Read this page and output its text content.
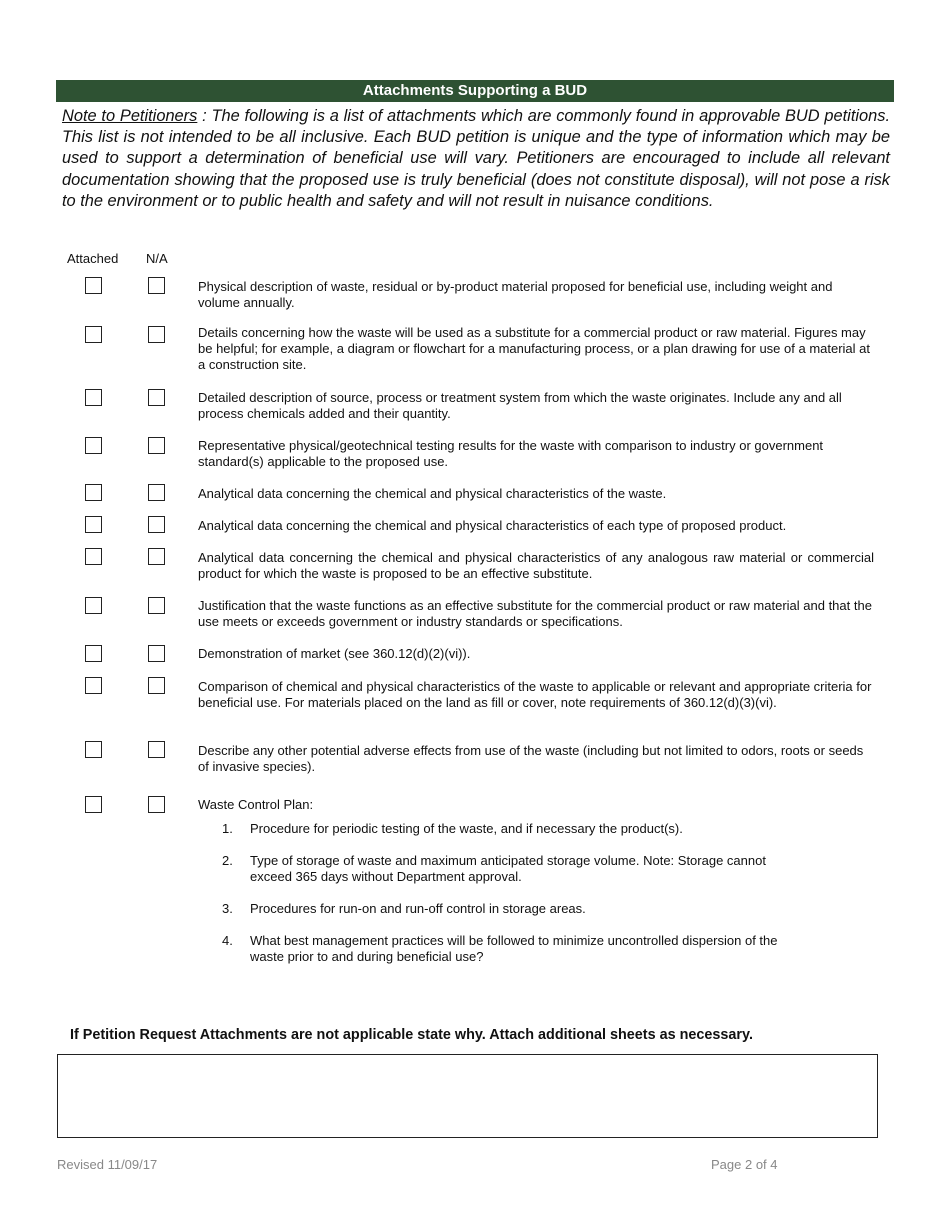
Attachments Supporting a BUD
Note to Petitioners : The following is a list of attachments which are commonly found in approvable BUD petitions. This list is not intended to be all inclusive. Each BUD petition is unique and the type of information which may be used to support a determination of beneficial use will vary. Petitioners are encouraged to include all relevant documentation showing that the proposed use is truly beneficial (does not constitute disposal), will not pose a risk to the environment or to public health and safety and will not result in nuisance conditions.
Attached N/A
Physical description of waste, residual or by-product material proposed for beneficial use, including weight and volume annually.
Details concerning how the waste will be used as a substitute for a commercial product or raw material. Figures may be helpful; for example, a diagram or flowchart for a manufacturing process, or a plan drawing for use of a material at a construction site.
Detailed description of source, process or treatment system from which the waste originates. Include any and all process chemicals added and their quantity.
Representative physical/geotechnical testing results for the waste with comparison to industry or government standard(s) applicable to the proposed use.
Analytical data concerning the chemical and physical characteristics of the waste.
Analytical data concerning the chemical and physical characteristics of each type of proposed product.
Analytical data concerning the chemical and physical characteristics of any analogous raw material or commercial product for which the waste is proposed to be an effective substitute.
Justification that the waste functions as an effective substitute for the commercial product or raw material and that the use meets or exceeds government or industry standards or specifications.
Demonstration of market (see 360.12(d)(2)(vi)).
Comparison of chemical and physical characteristics of the waste to applicable or relevant and appropriate criteria for beneficial use. For materials placed on the land as fill or cover, note requirements of 360.12(d)(3)(vi).
Describe any other potential adverse effects from use of the waste (including but not limited to odors, roots or seeds of invasive species).
Waste Control Plan:
1.	Procedure for periodic testing of the waste, and if necessary the product(s).
2.	Type of storage of waste and maximum anticipated storage volume. Note: Storage cannot exceed 365 days without Department approval.
3.	Procedures for run-on and run-off control in storage areas.
4.	What best management practices will be followed to minimize uncontrolled dispersion of the waste prior to and during beneficial use?
If Petition Request Attachments are not applicable state why. Attach additional sheets as necessary.
Revised 11/09/17	Page 2 of 4
